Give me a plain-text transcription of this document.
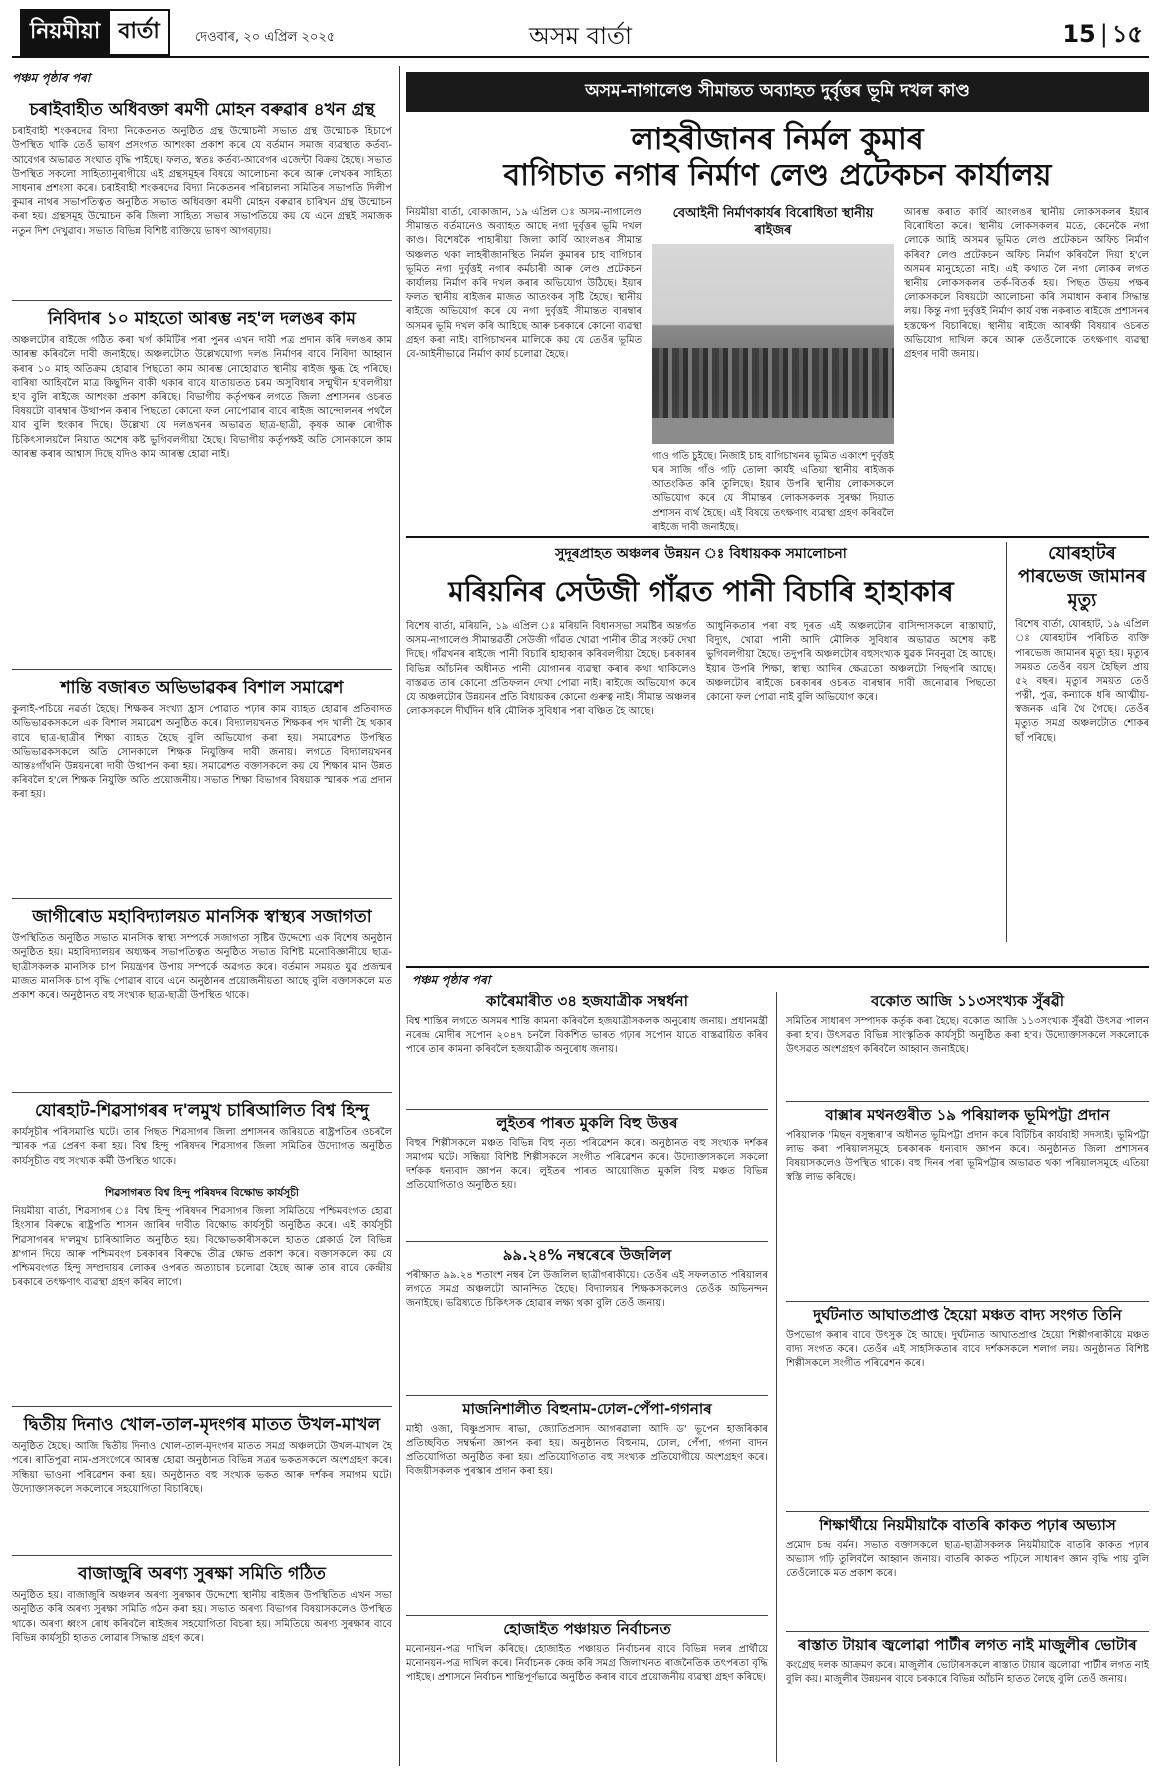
নিয়মীয়া বাৰ্তা	দেওবাৰ, ২০ এপ্ৰিল ২০২৫	অসম বাৰ্তা	15 | ১৫
পঞ্চম পৃষ্ঠাৰ পৰা
চৰাইবাহীত অধিবক্তা ৰমণী মোহন বৰুৱাৰ ৪খন গ্ৰন্থ
চৰাইবাহী শংকৰদেৱ বিদ্যা নিকেতনত অনুষ্ঠিত গ্ৰন্থ উন্মোচনী সভাত গ্ৰন্থ উন্মোচক হিচাপে উপস্থিত থাকি তেওঁ ভাষণ প্ৰসংগত আশংকা প্ৰকাশ কৰে যে বৰ্তমান সমাজ ব্যৱস্থাত কৰ্তব্য-আবেগৰ অভাৱত সংঘাত বৃদ্ধি পাইছে। ফলত, স্বতঃ কৰ্তব্য-আবেগৰ এজেন্টা বিক্ৰয় হৈছে। সভাত উপস্থিত সকলো সাহিত্যানুৰাগীয়ে এই গ্ৰন্থসমূহৰ বিষয়ে আলোচনা কৰে আৰু লেখকৰ সাহিত্য সাধনাৰ প্ৰশংসা কৰে। চৰাইবাহী শংকৰদেৱ বিদ্যা নিকেতনৰ পৰিচালনা সমিতিৰ সভাপতি দিলীপ কুমাৰ নাথৰ সভাপতিত্বত অনুষ্ঠিত সভাত অধিবক্তা ৰমণী মোহন বৰুৱাৰ চাৰিখন গ্ৰন্থ উন্মোচন কৰা হয়। গ্ৰন্থসমূহ উন্মোচন কৰি জিলা সাহিত্য সভাৰ সভাপতিয়ে কয় যে এনে গ্ৰন্থই সমাজক নতুন দিশ দেখুৱাব। সভাত বিভিন্ন বিশিষ্ট ব্যক্তিয়ে ভাষণ আগবঢ়ায়।
নিবিদাৰ ১০ মাহতো আৰম্ভ নহ'ল দলঙৰ কাম
অঞ্চলটোৰ বাইজে গঠিত কৰা খৰ্গ কমিটিৰ পৰা পুনৰ এখন দাবী পত্ৰ প্ৰদান কৰি দলঙৰ কাম আৰম্ভ কৰিবলৈ দাবী জনাইছে। অঞ্চলটোত উল্লেখযোগ্য দলঙ নিৰ্মাণৰ বাবে নিবিদা আহ্বান কৰাৰ ১০ মাহ অতিক্ৰম হোৱাৰ পিছতো কাম আৰম্ভ নোহোৱাত স্থানীয় ৰাইজ ক্ষুব্ধ হৈ পৰিছে। বাৰিষা আহিবলৈ মাত্ৰ কিছুদিন বাকী থকাৰ বাবে যাতায়তত চৰম অসুবিধাৰ সন্মুখীন হ'বলগীয়া হ'ব বুলি ৰাইজে আশংকা প্ৰকাশ কৰিছে। বিভাগীয় কৰ্তৃপক্ষৰ লগতে জিলা প্ৰশাসনৰ ওচৰত বিষয়টো বাৰম্বাৰ উত্থাপন কৰাৰ পিছতো কোনো ফল নোপোৱাৰ বাবে ৰাইজ আন্দোলনৰ পথলৈ যাব বুলি হুংকাৰ দিছে। উল্লেখ্য যে দলঙখনৰ অভাৱত ছাত্ৰ-ছাত্ৰী, কৃষক আৰু ৰোগীক চিকিৎসালয়লৈ নিয়াত অশেষ কষ্ট ভুগিবলগীয়া হৈছে। বিভাগীয় কৰ্তৃপক্ষই অতি সোনকালে কাম আৰম্ভ কৰাৰ আশ্বাস দিছে যদিও কাম আৰম্ভ হোৱা নাই।
শান্তি বজাৰত অভিভাৱকৰ বিশাল সমাৱেশ
কুলাই-পচিয়ে নৱৰ্তা হৈছে। শিক্ষকৰ সংখ্যা হ্ৰাস পোৱাত পঢ়াৰ কাম ব্যাহত হোৱাৰ প্ৰতিবাদত অভিভাৱকসকলে এক বিশাল সমাৱেশ অনুষ্ঠিত কৰে। বিদ্যালয়খনত শিক্ষকৰ পদ খালী হৈ থকাৰ বাবে ছাত্ৰ-ছাত্ৰীৰ শিক্ষা ব্যাহত হৈছে বুলি অভিযোগ কৰা হয়। সমাৱেশত উপস্থিত অভিভাৱকসকলে অতি সোনকালে শিক্ষক নিযুক্তিৰ দাবী জনায়। লগতে বিদ্যালয়খনৰ আন্তঃগাঁথনি উন্নয়নৰো দাবী উত্থাপন কৰা হয়। সমাৱেশত বক্তাসকলে কয় যে শিক্ষাৰ মান উন্নত কৰিবলৈ হ'লে শিক্ষক নিযুক্তি অতি প্ৰয়োজনীয়। সভাত শিক্ষা বিভাগৰ বিষয়াক স্মাৰক পত্ৰ প্ৰদান কৰা হয়।
জাগীৰোড মহাবিদ্যালয়ত মানসিক স্বাস্থ্যৰ সজাগতা
উপস্থিতিত অনুষ্ঠিত সভাত মানসিক স্বাস্থ্য সম্পৰ্কে সজাগতা সৃষ্টিৰ উদ্দেশ্যে এক বিশেষ অনুষ্ঠান অনুষ্ঠিত হয়। মহাবিদ্যালয়ৰ অধ্যক্ষৰ সভাপতিত্বত অনুষ্ঠিত সভাত বিশিষ্ট মনোবিজ্ঞানীয়ে ছাত্ৰ-ছাত্ৰীসকলক মানসিক চাপ নিয়ন্ত্ৰণৰ উপায় সম্পৰ্কে অৱগত কৰে। বৰ্তমান সময়ত যুৱ প্ৰজন্মৰ মাজত মানসিক চাপ বৃদ্ধি পোৱাৰ বাবে এনে অনুষ্ঠানৰ প্ৰয়োজনীয়তা আছে বুলি বক্তাসকলে মত প্ৰকাশ কৰে। অনুষ্ঠানত বহু সংখ্যক ছাত্ৰ-ছাত্ৰী উপস্থিত থাকে।
যোৰহাট-শিৱসাগৰৰ দ'লমুখ চাৰিআলিত বিশ্ব হিন্দু
কাৰ্যসূচীৰ পৰিসমাপ্তি ঘটে। তাৰ পিছত শিৱসাগৰ জিলা প্ৰশাসনৰ জৰিয়তে ৰাষ্ট্ৰপতিৰ ওচৰলৈ স্মাৰক পত্ৰ প্ৰেৰণ কৰা হয়। বিশ্ব হিন্দু পৰিষদৰ শিৱসাগৰ জিলা সমিতিৰ উদ্যোগত অনুষ্ঠিত কাৰ্যসূচীত বহু সংখ্যক কৰ্মী উপস্থিত থাকে।
শিৱসাগৰত বিশ্ব হিন্দু পৰিষদৰ বিক্ষোভ কাৰ্যসূচী
নিয়মীয়া বাৰ্তা, শিৱসাগৰ ঃ বিশ্ব হিন্দু পৰিষদৰ শিৱসাগৰ জিলা সমিতিয়ে পশ্চিমবংগত হোৱা হিংসাৰ বিৰুদ্ধে ৰাষ্ট্ৰপতি শাসন জাৰিৰ দাবীত বিক্ষোভ কাৰ্যসূচী অনুষ্ঠিত কৰে। এই কাৰ্যসূচী শিৱসাগৰৰ দ'লমুখ চাৰিআলিত অনুষ্ঠিত হয়। বিক্ষোভকাৰীসকলে হাতত প্লেকাৰ্ড লৈ বিভিন্ন শ্ল'গান দিয়ে আৰু পশ্চিমবংগ চৰকাৰৰ বিৰুদ্ধে তীব্ৰ ক্ষোভ প্ৰকাশ কৰে। বক্তাসকলে কয় যে পশ্চিমবংগত হিন্দু সম্প্ৰদায়ৰ লোকৰ ওপৰত অত্যাচাৰ চলোৱা হৈছে আৰু তাৰ বাবে কেন্দ্ৰীয় চৰকাৰে তৎক্ষণাৎ ব্যৱস্থা গ্ৰহণ কৰিব লাগে।
দ্বিতীয় দিনাও খোল-তাল-মৃদংগৰ মাতত উখল-মাখল
অনুষ্ঠিত হৈছে। আজি দ্বিতীয় দিনাও খোল-তাল-মৃদংগৰ মাতত সমগ্ৰ অঞ্চলটো উখল-মাখল হৈ পৰে। ৰাতিপুৱা নাম-প্ৰসংগেৰে আৰম্ভ হোৱা অনুষ্ঠানত বিভিন্ন সত্ৰৰ ভকতসকলে অংশগ্ৰহণ কৰে। সন্ধিয়া ভাওনা পৰিৱেশন কৰা হয়। অনুষ্ঠানত বহু সংখ্যক ভকত আৰু দৰ্শকৰ সমাগম ঘটে। উদ্যোক্তাসকলে সকলোৰে সহযোগিতা বিচাৰিছে।
বাজাজুৰি অৰণ্য সুৰক্ষা সমিতি গঠিত
অনুষ্ঠিত হয়। বাজাজুৰি অঞ্চলৰ অৰণ্য সুৰক্ষাৰ উদ্দেশ্যে স্থানীয় ৰাইজৰ উপস্থিতিত এখন সভা অনুষ্ঠিত কৰি অৰণ্য সুৰক্ষা সমিতি গঠন কৰা হয়। সভাত অৰণ্য বিভাগৰ বিষয়াসকলেও উপস্থিত থাকে। অৰণ্য ধ্বংস ৰোধ কৰিবলৈ ৰাইজৰ সহযোগিতা বিচৰা হয়। সমিতিয়ে অৰণ্য সুৰক্ষাৰ বাবে বিভিন্ন কাৰ্যসূচী হাতত লোৱাৰ সিদ্ধান্ত গ্ৰহণ কৰে।
অসম-নাগালেণ্ড সীমান্তত অব্যাহত দুৰ্বৃত্তৰ ভূমি দখল কাণ্ড
লাহৰীজানৰ নিৰ্মল কুমাৰ
বাগিচাত নগাৰ নিৰ্মাণ লেণ্ড প্ৰটেকচন কাৰ্যালয়
নিয়মীয়া বাৰ্তা, বোকাজান, ১৯ এপ্ৰিল ঃ অসম-নাগালেণ্ড সীমান্তত বৰ্তমানেও অব্যাহত আছে নগা দুৰ্বৃত্তৰ ভূমি দখল কাণ্ড। বিশেষকৈ পাহাৰীয়া জিলা কাৰ্বি আংলঙৰ সীমান্ত অঞ্চলত থকা লাহৰীজানস্থিত নিৰ্মল কুমাৰৰ চাহ বাগিচাৰ ভূমিত নগা দুৰ্বৃত্তই নগাৰ কৰ্মচাৰী আৰু লেণ্ড প্ৰটেকচন কাৰ্যালয় নিৰ্মাণ কৰি দখল কৰাৰ অভিযোগ উঠিছে। ইয়াৰ ফলত স্থানীয় ৰাইজৰ মাজত আতংকৰ সৃষ্টি হৈছে। স্থানীয় ৰাইজে অভিযোগ কৰে যে নগা দুৰ্বৃত্তই সীমান্তত বাৰম্বাৰ অসমৰ ভূমি দখল কৰি আহিছে আৰু চৰকাৰে কোনো ব্যৱস্থা গ্ৰহণ কৰা নাই। বাগিচাখনৰ মালিকে কয় যে তেওঁৰ ভূমিত বে-আইনীভাৱে নিৰ্মাণ কাৰ্য চলোৱা হৈছে।
বেআইনী নিৰ্মাণকাৰ্যৰ বিৰোধিতা স্থানীয় ৰাইজৰ
গাও গতি চুইছে। নিজাই চাহ বাগিচাখনৰ ভূমিত একাংশ দুৰ্বৃত্তই ঘৰ সাজি গাঁও গঢ়ি তোলা কাৰ্যই এতিয়া স্থানীয় ৰাইজক আতংকিত কৰি তুলিছে। ইয়াৰ উপৰি স্থানীয় লোকসকলে অভিযোগ কৰে যে সীমান্তৰ লোকসকলক সুৰক্ষা দিয়াত প্ৰশাসন ব্যৰ্থ হৈছে। এই বিষয়ে তৎক্ষণাৎ ব্যৱস্থা গ্ৰহণ কৰিবলৈ ৰাইজে দাবী জনাইছে।
আৰম্ভ কৰাত কাৰ্বি আংলঙৰ স্থানীয় লোকসকলৰ ইয়াৰ বিৰোধিতা কৰে। স্থানীয় লোকসকলৰ মতে, কেনেকৈ নগা লোকে আহি অসমৰ ভূমিত লেণ্ড প্ৰটেকচন অফিচ নিৰ্মাণ কৰিব? লেণ্ড প্ৰটেকচন অফিচ নিৰ্মাণ কৰিবলৈ দিয়া হ'লে অসমৰ মানুহেতো নাই। এই কথাত লৈ নগা লোকৰ লগত স্থানীয় লোকসকলৰ তৰ্ক-বিতৰ্ক হয়। পিছত উভয় পক্ষৰ লোকসকলে বিষয়টো আলোচনা কৰি সমাধান কৰাৰ সিদ্ধান্ত লয়। কিন্তু নগা দুৰ্বৃত্তই নিৰ্মাণ কাৰ্য বন্ধ নকৰাত ৰাইজে প্ৰশাসনৰ হস্তক্ষেপ বিচাৰিছে। স্থানীয় ৰাইজে আৰক্ষী বিষয়াৰ ওচৰত অভিযোগ দাখিল কৰে আৰু তেওঁলোকে তৎক্ষণাৎ ব্যৱস্থা গ্ৰহণৰ দাবী জনায়।
সুদূৰপ্ৰাহত অঞ্চলৰ উন্নয়ন ঃ বিধায়কক সমালোচনা
মৰিয়নিৰ সেউজী গাঁৱত পানী বিচাৰি হাহাকাৰ
বিশেষ বাৰ্তা, মৰিয়নি, ১৯ এপ্ৰিল ঃ মৰিয়নি বিধানসভা সমষ্টিৰ অন্তৰ্গত অসম-নাগালেণ্ড সীমান্তৱৰ্তী সেউজী গাঁৱত খোৱা পানীৰ তীব্ৰ সংকট দেখা দিছে। গাঁৱখনৰ ৰাইজে পানী বিচাৰি হাহাকাৰ কৰিবলগীয়া হৈছে। চৰকাৰৰ বিভিন্ন আঁচনিৰ অধীনত পানী যোগানৰ ব্যৱস্থা কৰাৰ কথা থাকিলেও বাস্তৱত তাৰ কোনো প্ৰতিফলন দেখা পোৱা নাই। ৰাইজে অভিযোগ কৰে যে অঞ্চলটোৰ উন্নয়নৰ প্ৰতি বিধায়কৰ কোনো গুৰুত্ব নাই। সীমান্ত অঞ্চলৰ লোকসকলে দীৰ্ঘদিন ধৰি মৌলিক সুবিধাৰ পৰা বঞ্চিত হৈ আছে।
আধুনিকতাৰ পৰা বহু দূৰত এই অঞ্চলটোৰ বাসিন্দাসকলে ৰাস্তাঘাট, বিদ্যুৎ, খোৱা পানী আদি মৌলিক সুবিধাৰ অভাৱত অশেষ কষ্ট ভুগিবলগীয়া হৈছে। তদুপৰি অঞ্চলটোৰ বহুসংখ্যক যুৱক নিবনুৱা হৈ আছে। ইয়াৰ উপৰি শিক্ষা, স্বাস্থ্য আদিৰ ক্ষেত্ৰতো অঞ্চলটো পিছপৰি আছে। অঞ্চলটোৰ ৰাইজে চৰকাৰৰ ওচৰত বাৰম্বাৰ দাবী জনোৱাৰ পিছতো কোনো ফল পোৱা নাই বুলি অভিযোগ কৰে।
যোৰহাটৰ পাৰভেজ জামানৰ মৃত্যু
বিশেষ বাৰ্তা, যোৰহাট, ১৯ এপ্ৰিল ঃ যোৰহাটৰ পৰিচিত ব্যক্তি পাৰভেজ জামানৰ মৃত্যু হয়। মৃত্যুৰ সময়ত তেওঁৰ বয়স হৈছিল প্ৰায় ৫২ বছৰ। মৃত্যুৰ সময়ত তেওঁ পত্নী, পুত্ৰ, কন্যাকে ধৰি আত্মীয়-স্বজনক এৰি থৈ গৈছে। তেওঁৰ মৃত্যুত সমগ্ৰ অঞ্চলটোত শোকৰ ছাঁ পৰিছে।
পঞ্চম পৃষ্ঠাৰ পৰা
কাৰৈমাৰীত ৩৪ হজযাত্ৰীক সম্বৰ্ধনা
বিশ্ব শান্তিৰ লগতে অসমৰ শান্তি কামনা কৰিবলৈ হজযাত্ৰীসকলক অনুৰোধ জনায়। প্ৰধানমন্ত্ৰী নৰেন্দ্ৰ মোদীৰ সপোন ২০৪৭ চনলৈ বিকশিত ভাৰত গঢ়াৰ সপোন যাতে বাস্তৱায়িত কৰিব পাৰে তাৰ কামনা কৰিবলৈ হজযাত্ৰীক অনুৰোধ জনায়।
লুইতৰ পাৰত মুকলি বিহু উত্তৰ
বিহুৰ শিল্পীসকলে মঞ্চত বিভিন্ন বিহু নৃত্য পৰিৱেশন কৰে। অনুষ্ঠানত বহু সংখ্যক দৰ্শকৰ সমাগম ঘটে। সন্ধিয়া বিশিষ্ট শিল্পীসকলে সংগীত পৰিৱেশন কৰে। উদ্যোক্তাসকলে সকলো দৰ্শকক ধন্যবাদ জ্ঞাপন কৰে। লুইতৰ পাৰত আয়োজিত মুকলি বিহু মঞ্চত বিভিন্ন প্ৰতিযোগিতাও অনুষ্ঠিত হয়।
৯৯.২৪% নম্বৰেৰে উজলিল
পৰীক্ষাত ৯৯.২৪ শতাংশ নম্বৰ লৈ উজলিল ছাত্ৰীগৰাকীয়ে। তেওঁৰ এই সফলতাত পৰিয়ালৰ লগতে সমগ্ৰ অঞ্চলটো আনন্দিত হৈছে। বিদ্যালয়ৰ শিক্ষকসকলেও তেওঁক অভিনন্দন জনাইছে। ভৱিষ্যতে চিকিৎসক হোৱাৰ লক্ষ্য থকা বুলি তেওঁ জনায়।
মাজনিশালীত বিহুনাম-ঢোল-পেঁপা-গগনাৰ
মাহী ওজা, বিষ্ণুপ্ৰসাদ ৰাভা, জ্যোতিপ্ৰসাদ আগৰৱালা আদি ড' ভূপেন হাজৰিকাৰ প্ৰতিচ্ছবিত সম্বৰ্দ্ধনা জ্ঞাপন কৰা হয়। অনুষ্ঠানত বিহুনাম, ঢোল, পেঁপা, গগনা বাদন প্ৰতিযোগিতা অনুষ্ঠিত কৰা হয়। প্ৰতিযোগিতাত বহু সংখ্যক প্ৰতিযোগীয়ে অংশগ্ৰহণ কৰে। বিজয়ীসকলক পুৰস্কাৰ প্ৰদান কৰা হয়।
হোজাইত পঞ্চায়ত নিৰ্বাচনত
মনোনয়ন-পত্ৰ দাখিল কৰিছে। হোজাইত পঞ্চায়ত নিৰ্বাচনৰ বাবে বিভিন্ন দলৰ প্ৰাৰ্থীয়ে মনোনয়ন-পত্ৰ দাখিল কৰে। নিৰ্বাচনক কেন্দ্ৰ কৰি সমগ্ৰ জিলাখনত ৰাজনৈতিক তৎপৰতা বৃদ্ধি পাইছে। প্ৰশাসনে নিৰ্বাচন শান্তিপূৰ্ণভাৱে অনুষ্ঠিত কৰাৰ বাবে প্ৰয়োজনীয় ব্যৱস্থা গ্ৰহণ কৰিছে।
বকোত আজি ১১৩সংখ্যক সুঁৰৱী
সমিতিৰ সাধাৰণ সম্পাদক কৰ্তৃক কৰা হৈছে। বকোত আজি ১১৩সংখ্যক সুঁৰৱী উৎসৱ পালন কৰা হ'ব। উৎসৱত বিভিন্ন সাংস্কৃতিক কাৰ্যসূচী অনুষ্ঠিত কৰা হ'ব। উদ্যোক্তাসকলে সকলোকে উৎসৱত অংশগ্ৰহণ কৰিবলৈ আহ্বান জনাইছে।
বাক্সাৰ মথনগুৰীত ১৯ পৰিয়ালক ভূমিপট্টা প্ৰদান
পৰিয়ালক 'মিছন বসুন্ধৰা'ৰ অধীনত ভূমিপট্টা প্ৰদান কৰে বিটিচিৰ কাৰ্যবাহী সদস্যই। ভূমিপট্টা লাভ কৰা পৰিয়ালসমূহে চৰকাৰক ধন্যবাদ জ্ঞাপন কৰে। অনুষ্ঠানত জিলা প্ৰশাসনৰ বিষয়াসকলেও উপস্থিত থাকে। বহু দিনৰ পৰা ভূমিপট্টাৰ অভাৱত থকা পৰিয়ালসমূহে এতিয়া স্বস্তি লাভ কৰিছে।
দুৰ্ঘটনাত আঘাতপ্ৰাপ্ত হৈয়ো মঞ্চত বাদ্য সংগত তিনি
উপভোগ কৰাৰ বাবে উৎসুক হৈ আছে। দুৰ্ঘটনাত আঘাতপ্ৰাপ্ত হৈয়ো শিল্পীগৰাকীয়ে মঞ্চত বাদ্য সংগত কৰে। তেওঁৰ এই সাহসিকতাৰ বাবে দৰ্শকসকলে শলাগ লয়। অনুষ্ঠানত বিশিষ্ট শিল্পীসকলে সংগীত পৰিৱেশন কৰে।
শিক্ষাৰ্থীয়ে নিয়মীয়াকৈ বাতৰি কাকত পঢ়াৰ অভ্যাস
প্ৰমোদ চন্দ্ৰ বৰ্মন। সভাত বক্তাসকলে ছাত্ৰ-ছাত্ৰীসকলক নিয়মীয়াকৈ বাতৰি কাকত পঢ়াৰ অভ্যাস গঢ়ি তুলিবলৈ আহ্বান জনায়। বাতৰি কাকত পঢ়িলে সাধাৰণ জ্ঞান বৃদ্ধি পায় বুলি তেওঁলোকে মত প্ৰকাশ কৰে।
ৰাস্তাত টায়াৰ জ্বলোৱা পাৰ্টীৰ লগত নাই মাজুলীৰ ভোটাৰ
কংগ্ৰেছ দলক আক্ৰমণ কৰে। মাজুলীৰ ভোটাৰসকলে ৰাস্তাত টায়াৰ জ্বলোৱা পাৰ্টীৰ লগত নাই বুলি কয়। মাজুলীৰ উন্নয়নৰ বাবে চৰকাৰে বিভিন্ন আঁচনি হাতত লৈছে বুলি তেওঁ জনায়।
